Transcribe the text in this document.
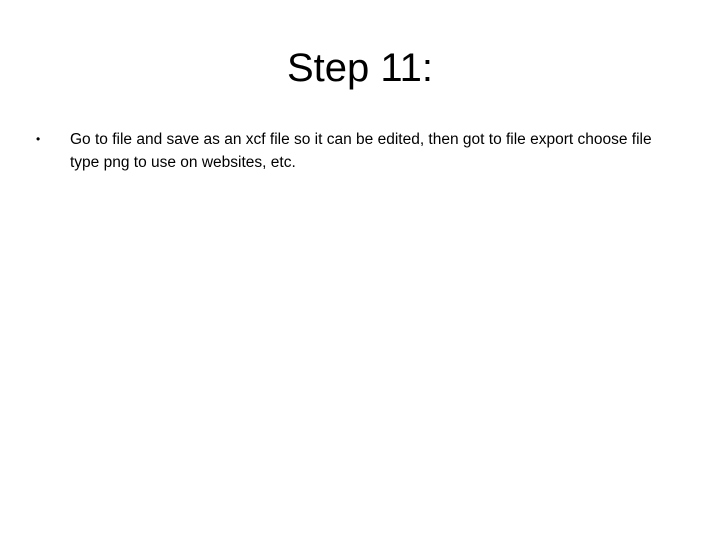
Step 11:
•	Go to file and save as an xcf file so it can be edited, then got to file export choose file type png to use on websites, etc.
